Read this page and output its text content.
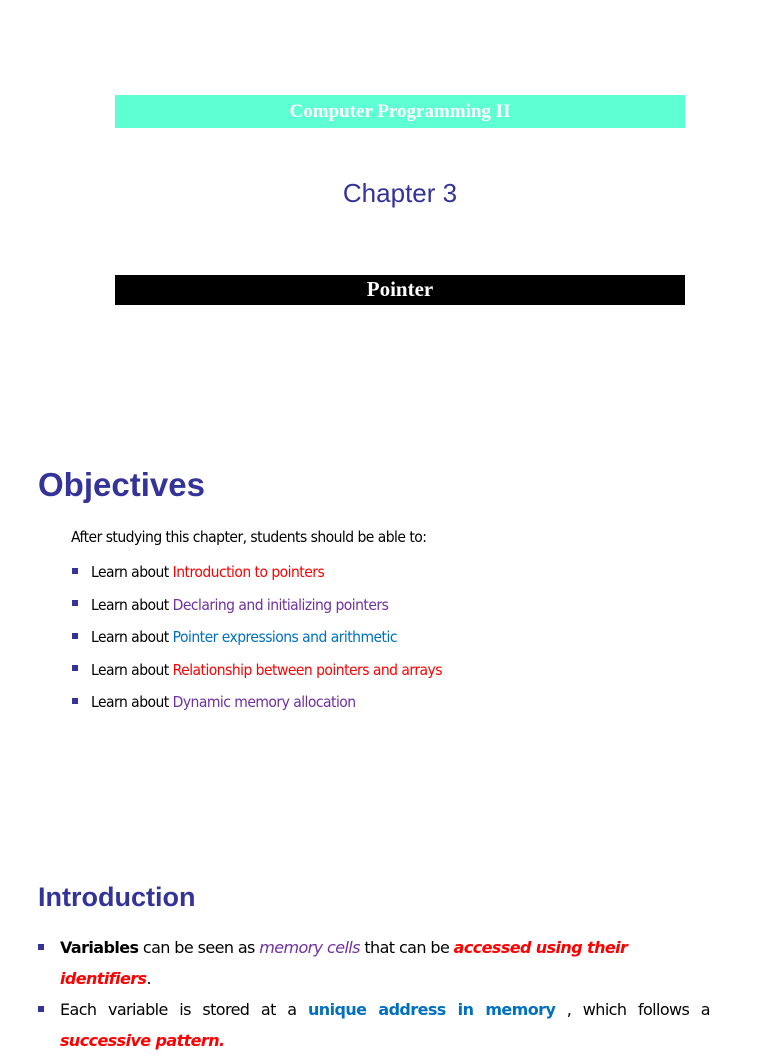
Computer Programming II
Chapter 3
Pointer
Objectives
After studying this chapter, students should be able to:
Learn about Introduction to pointers
Learn about Declaring and initializing pointers
Learn about Pointer expressions and arithmetic
Learn about Relationship between pointers and arrays
Learn about Dynamic memory allocation
Introduction
Variables can be seen as memory cells that can be accessed using their identifiers.
Each variable is stored at a unique address in memory , which follows a successive pattern.
